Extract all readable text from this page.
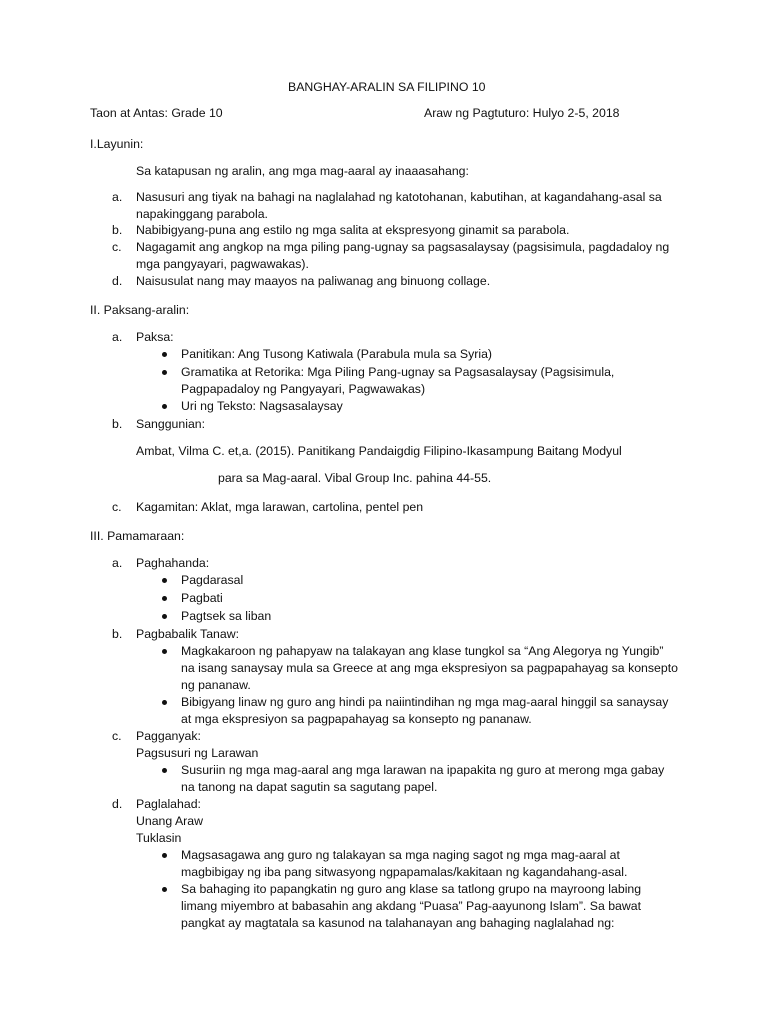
BANGHAY-ARALIN SA FILIPINO 10
Taon at Antas: Grade 10	Araw ng Pagtuturo: Hulyo 2-5, 2018
I.Layunin:
Sa katapusan ng aralin, ang mga mag-aaral ay inaaasahang:
a. Nasusuri ang tiyak na bahagi na naglalahad ng katotohanan, kabutihan, at kagandahang-asal sa
napakinggang parabola.
b. Nabibigyang-puna ang estilo ng mga salita at ekspresyong ginamit sa parabola.
c. Nagagamit ang angkop na mga piling pang-ugnay sa pagsasalaysay (pagsisimula, pagdadaloy ng
mga pangyayari, pagwawakas).
d. Naisusulat nang may maayos na paliwanag ang binuong collage.
II. Paksang-aralin:
a. Paksa:
Panitikan: Ang Tusong Katiwala (Parabula mula sa Syria)
Gramatika at Retorika: Mga Piling Pang-ugnay sa Pagsasalaysay (Pagsisimula,
Pagpapadaloy ng Pangyayari, Pagwawakas)
Uri ng Teksto: Nagsasalaysay
b. Sanggunian:
Ambat, Vilma C. et,a. (2015). Panitikang Pandaigdig Filipino-Ikasampung Baitang Modyul
para sa Mag-aaral. Vibal Group Inc. pahina 44-55.
c. Kagamitan: Aklat, mga larawan, cartolina, pentel pen
III. Pamamaraan:
a. Paghahanda:
Pagdarasal
Pagbati
Pagtsek sa liban
b. Pagbabalik Tanaw:
Magkakaroon ng pahapyaw na talakayan ang klase tungkol sa “Ang Alegorya ng Yungib”
na isang sanaysay mula sa Greece at ang mga ekspresiyon sa pagpapahayag sa konsepto
ng pananaw.
Bibigyang linaw ng guro ang hindi pa naiintindihan ng mga mag-aaral hinggil sa sanaysay
at mga ekspresiyon sa pagpapahayag sa konsepto ng pananaw.
c. Pagganyak:
Pagsusuri ng Larawan
Susuriin ng mga mag-aaral ang mga larawan na ipapakita ng guro at merong mga gabay
na tanong na dapat sagutin sa sagutang papel.
d. Paglalahad:
Unang Araw
Tuklasin
Magsasagawa ang guro ng talakayan sa mga naging sagot ng mga mag-aaral at
magbibigay ng iba pang sitwasyong ngpapamalas/kakitaan ng kagandahang-asal.
Sa bahaging ito papangkatin ng guro ang klase sa tatlong grupo na mayroong labing
limang miyembro at babasahin ang akdang “Puasa” Pag-aayunong Islam”. Sa bawat
pangkat ay magtatala sa kasunod na talahanayan ang bahaging naglalahad ng:
